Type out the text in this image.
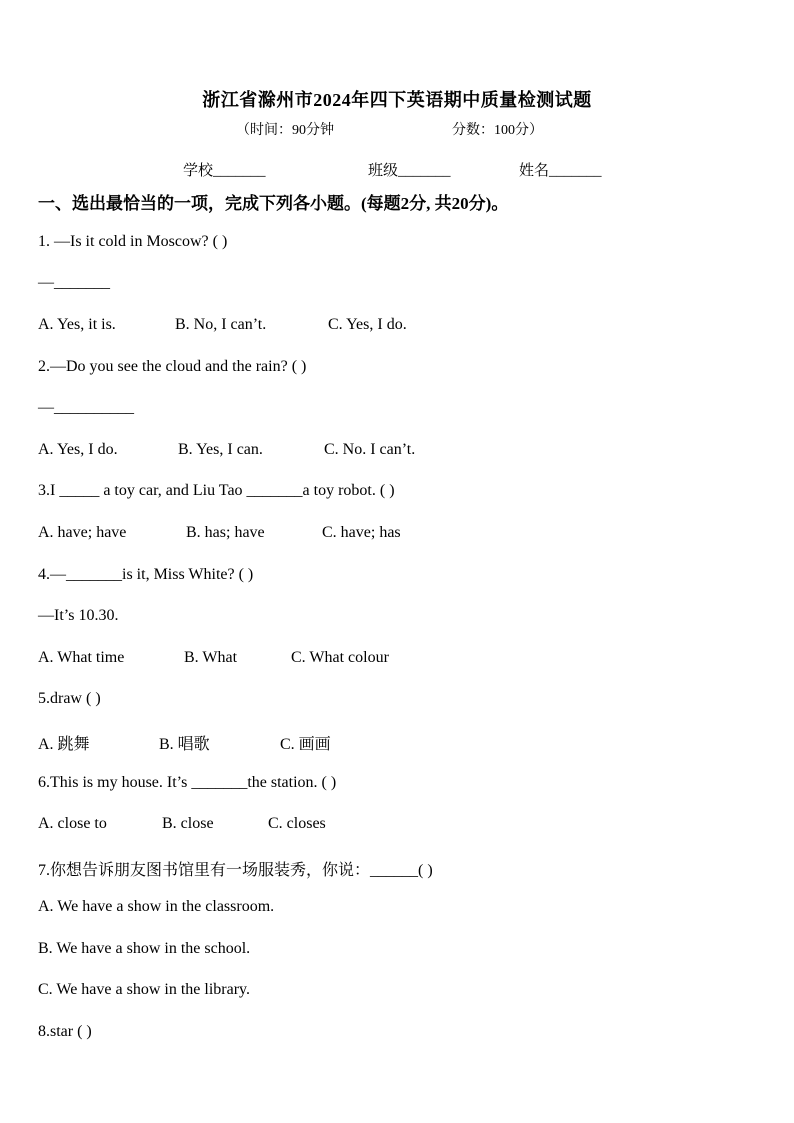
浙江省滁州市2024年四下英语期中质量检测试题
（时间：90分钟	分数：100分）
学校_______	班级_______	姓名_______
一、选出最恰当的一项，完成下列各小题。(每题2分, 共20分)。
1. —Is it cold in Moscow? ( )
—_______
A. Yes, it is.	B. No, I can’t.	C. Yes, I do.
2.—Do you see the cloud and the rain? ( )
—__________
A. Yes, I do.	B. Yes, I can.	C. No. I can’t.
3.I _____ a toy car, and Liu Tao _______a toy robot. ( )
A. have; have	B. has; have	C. have; has
4.—_______is it, Miss White? ( )
—It’s 10.30.
A. What time	B. What	C. What colour
5.draw ( )
A. 跳舞	B. 唱歌	C. 画画
6.This is my house. It’s _______the station. ( )
A. close to	B. close	C. closes
7.你想告诉朋友图书馆里有一场服装秀，你说：______( )
A. We have a show in the classroom.
B. We have a show in the school.
C. We have a show in the library.
8.star ( )
